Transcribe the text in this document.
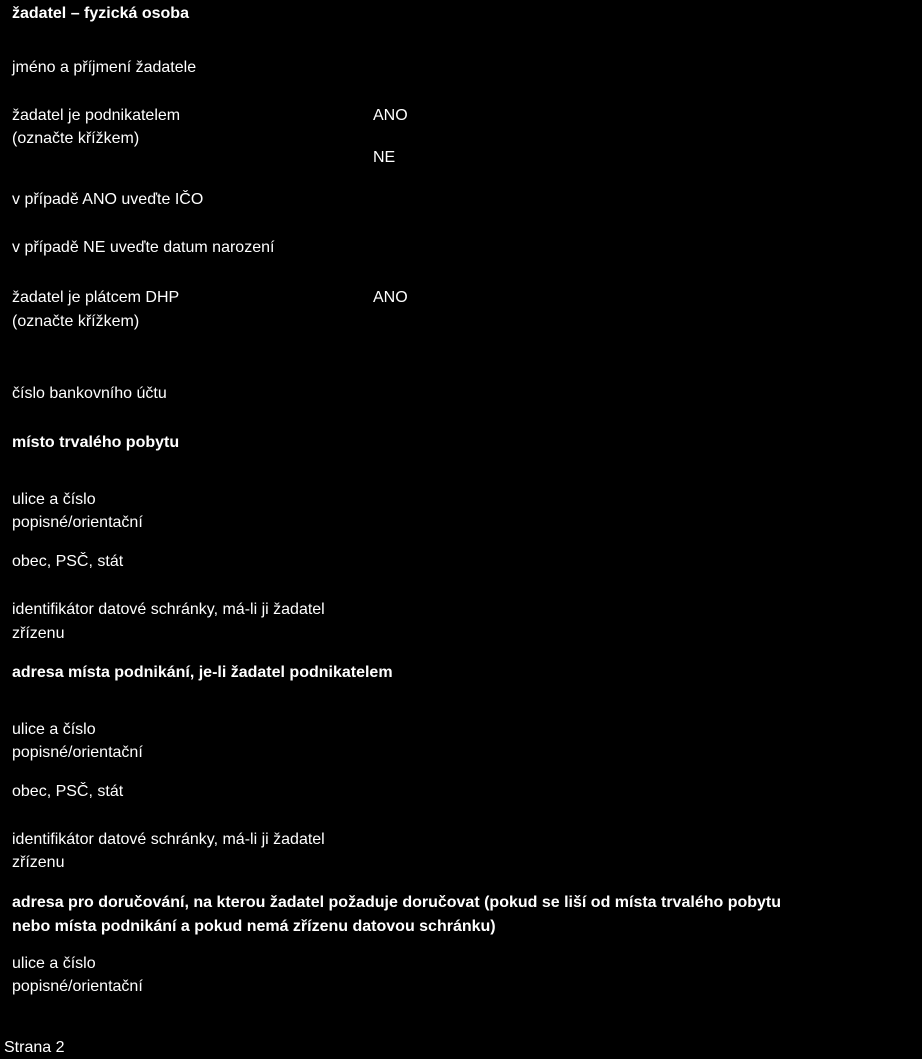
žadatel – fyzická osoba

jméno a příjmení žadatele

žadatel je podnikatelem

(označte křížkem)

ANO

NE

v případě ANO uveďte IČO

v případě NE uveďte datum narození

žadatel je plátcem DHP

(označte křížkem)

ANO

číslo bankovního účtu

místo trvalého pobytu

ulice a číslo

popisné/orientační

obec, PSČ, stát

identifikátor datové schránky, má-li ji žadatel

zřízenu

adresa místa podnikání, je-li žadatel podnikatelem

ulice a číslo

popisné/orientační

obec, PSČ, stát

identifikátor datové schránky, má-li ji žadatel

zřízenu

adresa pro doručování, na kterou žadatel požaduje doručovat (pokud se liší od místa trvalého pobytu

nebo místa podnikání a pokud nemá zřízenu datovou schránku)

ulice a číslo

popisné/orientační

Strana 2
